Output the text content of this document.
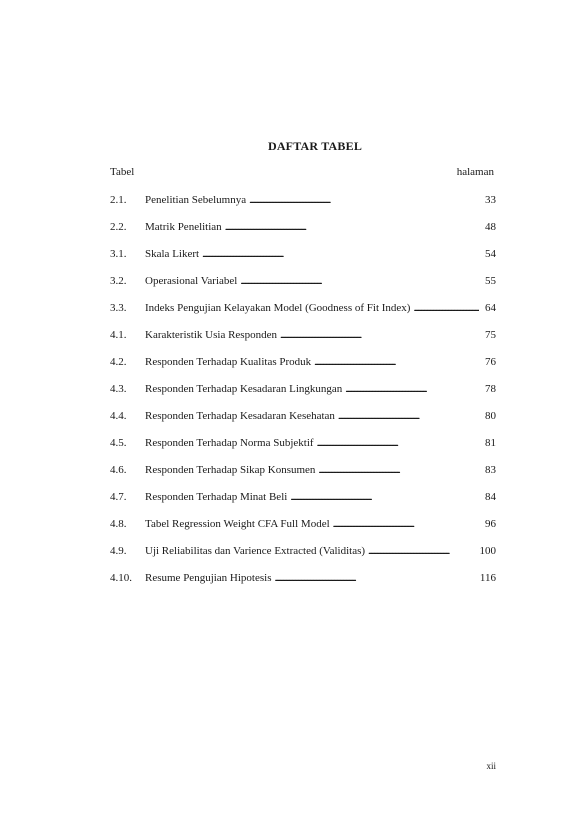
DAFTAR TABEL
Tabel	halaman
2.1. Penelitian Sebelumnya . . .	33
2.2. Matrik Penelitian . . .	48
3.1. Skala Likert . . .	54
3.2. Operasional Variabel . . .	55
3.3. Indeks Pengujian Kelayakan Model (Goodness of Fit Index) . . .	64
4.1. Karakteristik Usia Responden . . .	75
4.2. Responden Terhadap Kualitas Produk . . .	76
4.3. Responden Terhadap Kesadaran Lingkungan . . .	78
4.4. Responden Terhadap Kesadaran Kesehatan . . .	80
4.5. Responden Terhadap Norma Subjektif . . .	81
4.6. Responden Terhadap Sikap Konsumen . . .	83
4.7. Responden Terhadap Minat Beli . . .	84
4.8. Tabel Regression Weight CFA Full Model . . .	96
4.9. Uji Reliabilitas dan Varience Extracted (Validitas) . . .	100
4.10. Resume Pengujian Hipotesis . . .	116
xii
